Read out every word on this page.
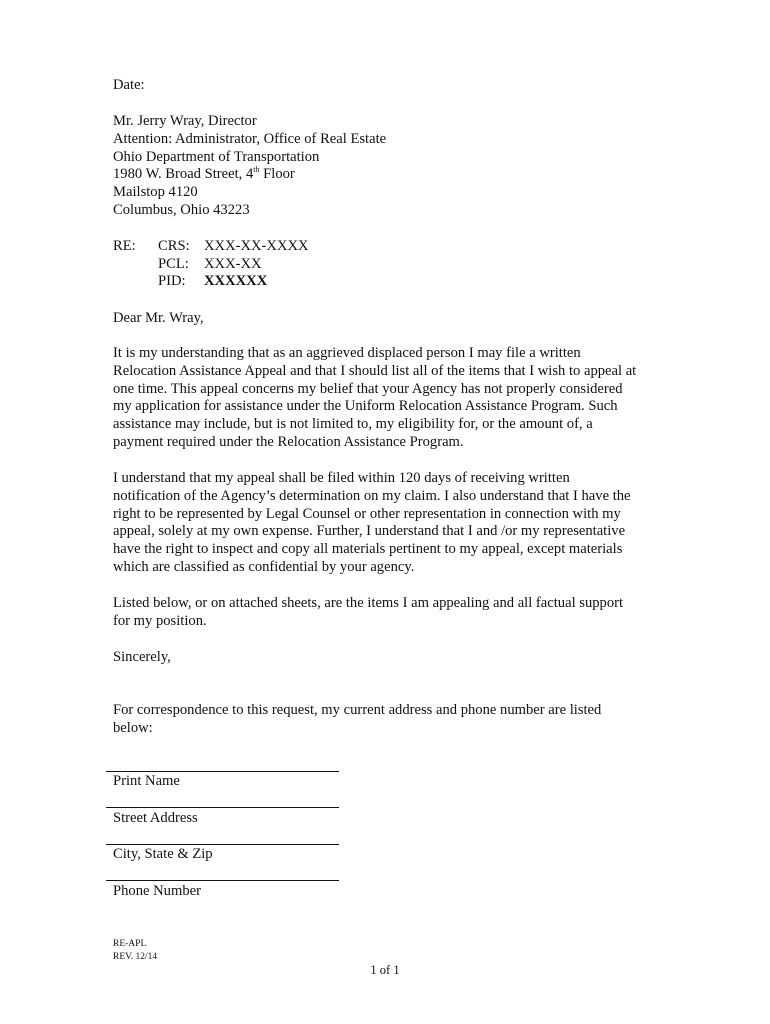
Date:
Mr. Jerry Wray, Director
Attention: Administrator, Office of Real Estate
Ohio Department of Transportation
1980 W. Broad Street, 4th Floor
Mailstop 4120
Columbus, Ohio 43223
RE: CRS: XXX-XX-XXXX
PCL:	XXX-XX
PID:	XXXXXX
Dear Mr. Wray,
It is my understanding that as an aggrieved displaced person I may file a written
Relocation Assistance Appeal and that I should list all of the items that I wish to appeal at
one time. This appeal concerns my belief that your Agency has not properly considered
my application for assistance under the Uniform Relocation Assistance Program. Such
assistance may include, but is not limited to, my eligibility for, or the amount of, a
payment required under the Relocation Assistance Program.
I understand that my appeal shall be filed within 120 days of receiving written
notification of the Agency’s determination on my claim. I also understand that I have the
right to be represented by Legal Counsel or other representation in connection with my
appeal, solely at my own expense. Further, I understand that I and /or my representative
have the right to inspect and copy all materials pertinent to my appeal, except materials
which are classified as confidential by your agency.
Listed below, or on attached sheets, are the items I am appealing and all factual support
for my position.
Sincerely,
For correspondence to this request, my current address and phone number are listed
below:
Print Name
Street Address
City, State & Zip
Phone Number
RE-APL
REV. 12/14
1 of 1
